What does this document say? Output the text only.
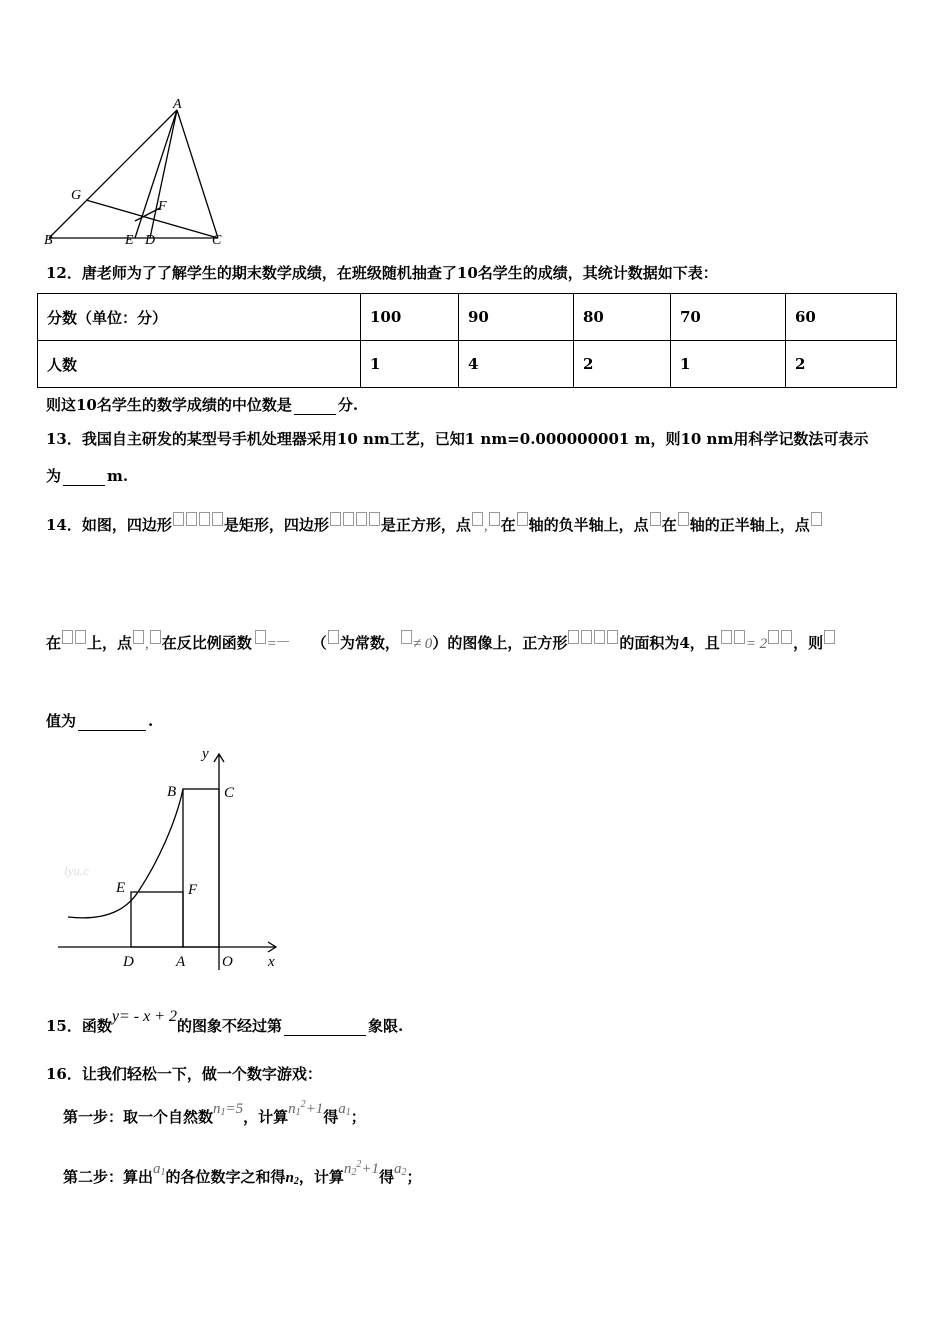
A
G
F
B	E D	C
12．唐老师为了了解学生的期末数学成绩，在班级随机抽查了10名学生的成绩，其统计数据如下表：
分数（单位：分）	100	90	80	70	60
人数	1	4	2	1	2
则这10名学生的数学成绩的中位数是	分.
13．我国自主研发的某型号手机处理器采用10 nm工艺，已知1 nm=0.000000001 m，则10 nm用科学记数法可表示
为	m.
14．如图，四边形	是矩形，四边形	是正方形，点 , 在 轴的负半轴上，点 在 轴的正半轴上，点
在 上，点 , 在反比例函数	=	（ 为常数， ≠ 0）的图像上，正方形	的面积为4，且 = 2 ，则
值为	.
lyu.c
y
B	C
E	F
D	A O x
15．函数y= ‐ x + 2的图象不经过第	象限.
16．让我们轻松一下，做一个数字游戏：
第一步：取一个自然数n1=5，计算$n1^2+1$得a1；
第二步：算出a1的各位数字之和得n2，计算$n2^2+1$得a2；
